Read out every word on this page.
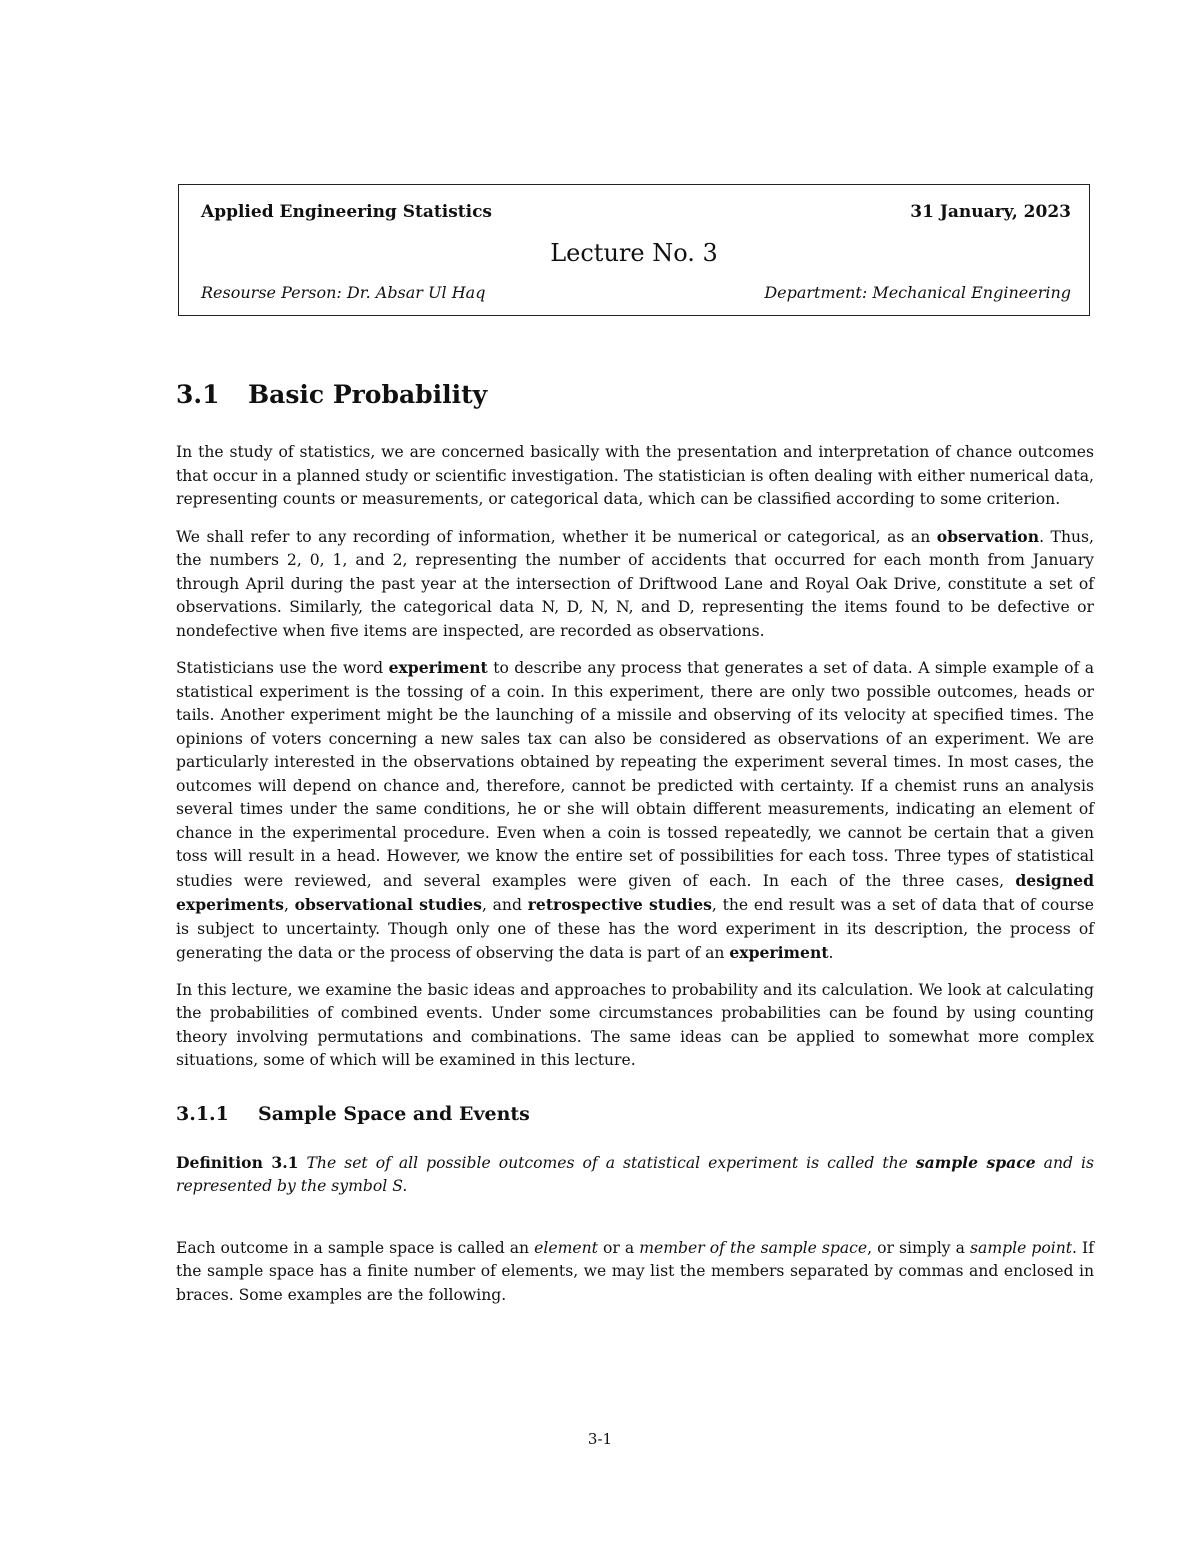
Applied Engineering Statistics	31 January, 2023
Lecture No. 3
Resourse Person: Dr. Absar Ul Haq	Department: Mechanical Engineering
3.1	Basic Probability

In the study of statistics, we are concerned basically with the presentation and interpretation of chance outcomes that occur in a planned study or scientific investigation. The statistician is often dealing with either numerical data, representing counts or measurements, or categorical data, which can be classified according to some criterion.

We shall refer to any recording of information, whether it be numerical or categorical, as an observation. Thus, the numbers 2, 0, 1, and 2, representing the number of accidents that occurred for each month from January through April during the past year at the intersection of Driftwood Lane and Royal Oak Drive, constitute a set of observations. Similarly, the categorical data N, D, N, N, and D, representing the items found to be defective or nondefective when five items are inspected, are recorded as observations.

Statisticians use the word experiment to describe any process that generates a set of data. A simple example of a statistical experiment is the tossing of a coin. In this experiment, there are only two possible outcomes, heads or tails. Another experiment might be the launching of a missile and observing of its velocity at specified times. The opinions of voters concerning a new sales tax can also be considered as observations of an experiment. We are particularly interested in the observations obtained by repeating the experiment several times. In most cases, the outcomes will depend on chance and, therefore, cannot be predicted with certainty. If a chemist runs an analysis several times under the same conditions, he or she will obtain different measurements, indicating an element of chance in the experimental procedure. Even when a coin is tossed repeatedly, we cannot be certain that a given toss will result in a head. However, we know the entire set of possibilities for each toss. Three types of statistical studies were reviewed, and several examples were given of each. In each of the three cases, designed experiments, observational studies, and retrospective studies, the end result was a set of data that of course is subject to uncertainty. Though only one of these has the word experiment in its description, the process of generating the data or the process of observing the data is part of an experiment.

In this lecture, we examine the basic ideas and approaches to probability and its calculation. We look at calculating the probabilities of combined events. Under some circumstances probabilities can be found by using counting theory involving permutations and combinations. The same ideas can be applied to somewhat more complex situations, some of which will be examined in this lecture.

3.1.1	Sample Space and Events

Definition 3.1 The set of all possible outcomes of a statistical experiment is called the sample space and is represented by the symbol S.

Each outcome in a sample space is called an element or a member of the sample space, or simply a sample point. If the sample space has a finite number of elements, we may list the members separated by commas and enclosed in braces. Some examples are the following.

3-1
